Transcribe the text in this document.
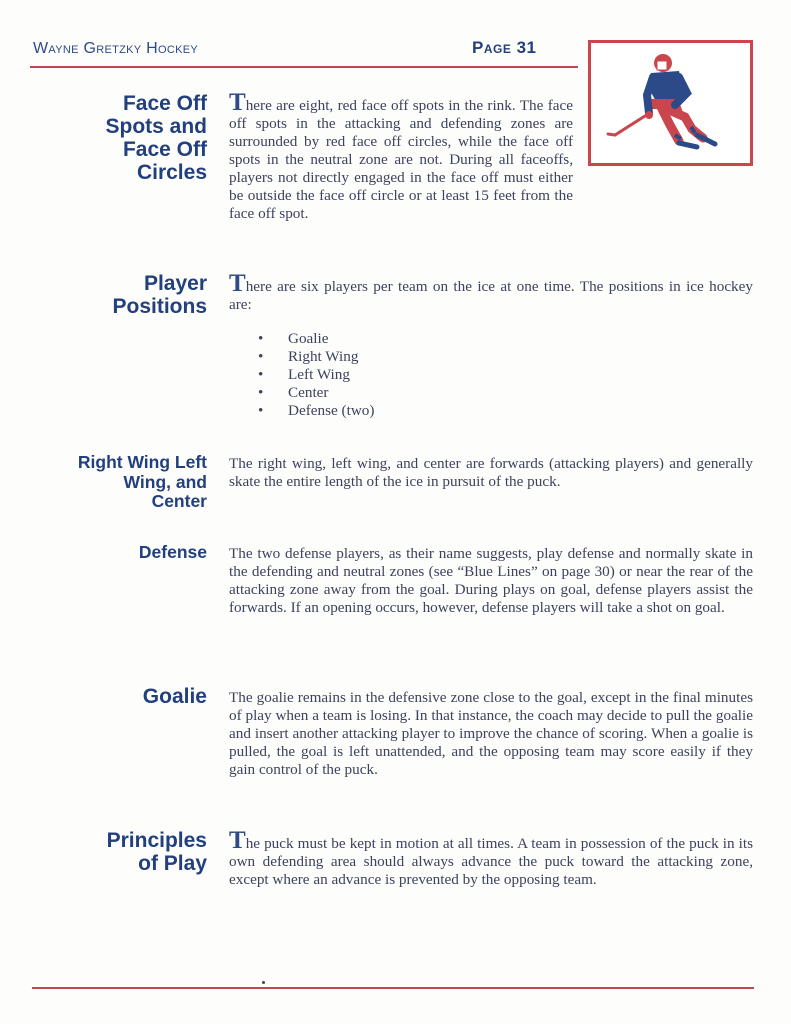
Wayne Gretzky Hockey	Page 31
Face Off
Spots and
Face Off
Circles
There are eight, red face off spots in the rink. The face off spots in the attacking and defending zones are surrounded by red face off circles, while the face off spots in the neutral zone are not. During all faceoffs, players not directly engaged in the face off must either be outside the face off circle or at least 15 feet from the face off spot.
Player
Positions
There are six players per team on the ice at one time. The positions in ice hockey are:
• Goalie
• Right Wing
• Left Wing
• Center
• Defense (two)
Right Wing Left
Wing, and
Center
The right wing, left wing, and center are forwards (attacking players) and generally skate the entire length of the ice in pursuit of the puck.
Defense The two defense players, as their name suggests, play defense and normally skate in the defending and neutral zones (see “Blue Lines” on page 30) or near the rear of the attacking zone away from the goal. During plays on goal, defense players assist the forwards. If an opening occurs, however, defense players will take a shot on goal.
Goalie The goalie remains in the defensive zone close to the goal, except in the final minutes of play when a team is losing. In that instance, the coach may decide to pull the goalie and insert another attacking player to improve the chance of scoring. When a goalie is pulled, the goal is left unattended, and the opposing team may score easily if they gain control of the puck.
Principles
of Play
The puck must be kept in motion at all times. A team in possession of the puck in its own defending area should always advance the puck toward the attacking zone, except where an advance is prevented by the opposing team.
